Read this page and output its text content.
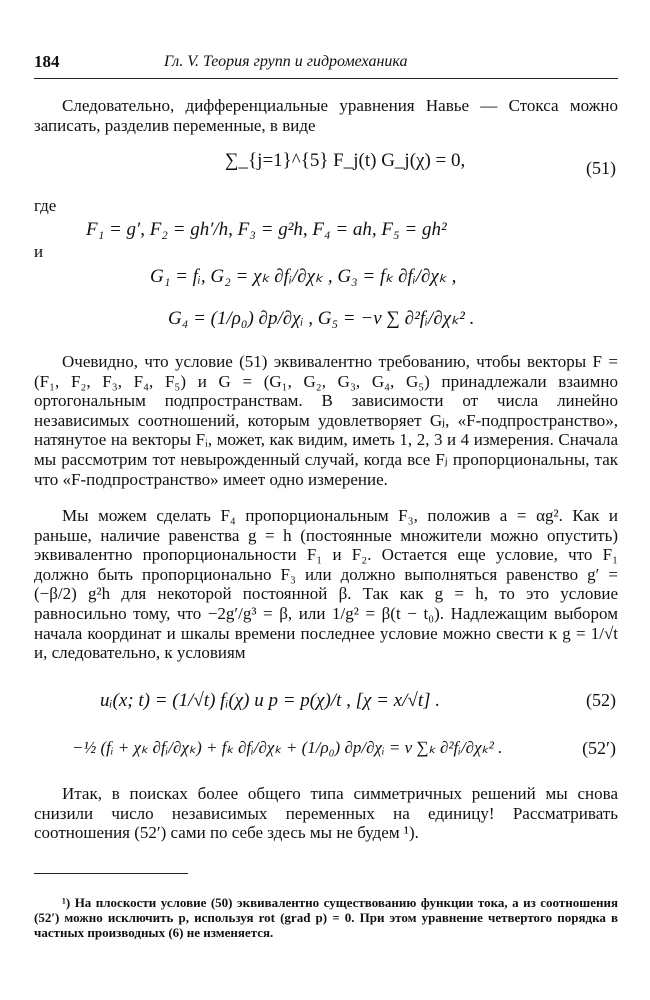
184	Гл. V. Теория групп и гидромеханика

Следовательно, дифференциальные уравнения Навье — Стокса можно записать, разделив переменные, в виде

∑_{j=1}^{5} F_j(t) G_j(χ) = 0,	(51)
где
F₁ = g′, F₂ = gh′/h, F₃ = g²h, F₄ = ah, F₅ = gh²
и
G₁ = fᵢ, G₂ = χₖ ∂fᵢ/∂χₖ , G₃ = fₖ ∂fᵢ/∂χₖ ,
G₄ = (1/ρ₀) ∂p/∂χᵢ , G₅ = −ν ∑ ∂²fᵢ/∂χₖ² .

Очевидно, что условие (51) эквивалентно требованию, чтобы векторы F = (F₁, F₂, F₃, F₄, F₅) и G = (G₁, G₂, G₃, G₄, G₅) принадлежали взаимно ортогональным подпространствам. В зависимости от числа линейно независимых соотношений, которым удовлетворяет Gⱼ, «F-подпространство», натянутое на векторы Fᵢ, может, как видим, иметь 1, 2, 3 и 4 измерения. Сначала мы рассмотрим тот невырожденный случай, когда все Fⱼ пропорциональны, так что «F-подпространство» имеет одно измерение.

Мы можем сделать F₄ пропорциональным F₃, положив a = αg². Как и раньше, наличие равенства g = h (постоянные множители можно опустить) эквивалентно пропорциональности F₁ и F₂. Остается еще условие, что F₁ должно быть пропорционально F₃ или должно выполняться равенство g′ = (−β/2) g²h для некоторой постоянной β. Так как g = h, то это условие равносильно тому, что −2g′/g³ = β, или 1/g² = β(t − t₀). Надлежащим выбором начала координат и шкалы времени последнее условие можно свести к g = 1/√t и, следовательно, к условиям

uᵢ(x; t) = (1/√t) fᵢ(χ) и p = p(χ)/t , [χ = x/√t] .	(52)
−½ (fᵢ + χₖ ∂fᵢ/∂χₖ) + fₖ ∂fᵢ/∂χₖ + (1/ρ₀) ∂p/∂χᵢ = ν ∑ₖ ∂²fᵢ/∂χₖ² .	(52′)

Итак, в поисках более общего типа симметричных решений мы снова снизили число независимых переменных на единицу! Рассматривать соотношения (52′) сами по себе здесь мы не будем ¹).

¹) На плоскости условие (50) эквивалентно существованию функции тока, а из соотношения (52′) можно исключить p, используя rot (grad p) = 0. При этом уравнение четвертого порядка в частных производных (6) не изменяется.
